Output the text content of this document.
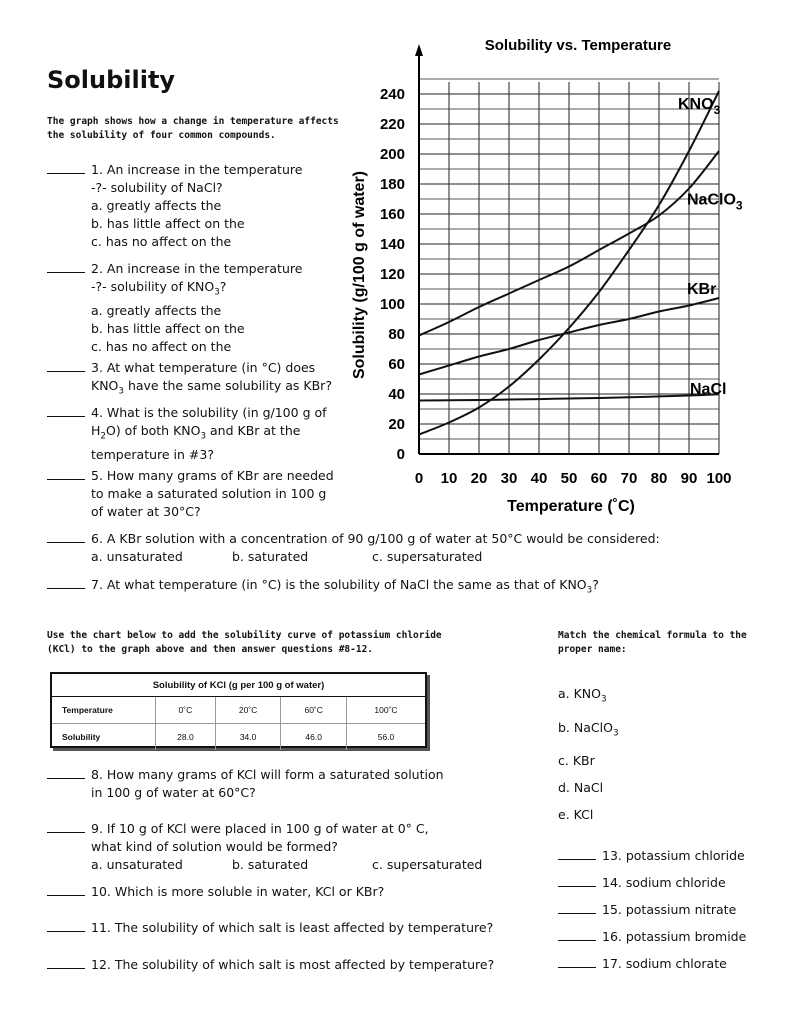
Solubility
The graph shows how a change in temperature affects the solubility of four common compounds.
1. An increase in the temperature
-?- solubility of NaCl?
a. greatly affects the
b. has little affect on the
c. has no affect on the
2. An increase in the temperature
-?- solubility of $KNO_3$?
a. greatly affects the
b. has little affect on the
c. has no affect on the
3. At what temperature (in °C) does
$KNO_3$ have the same solubility as KBr?
4. What is the solubility (in g/100 g of
$H_2O$) of both $KNO_3$ and KBr at the
temperature in #3?
5. How many grams of KBr are needed
to make a saturated solution in 100 g
of water at 30°C?
6. A KBr solution with a concentration of 90 g/100 g of water at 50°C would be considered:
a. unsaturated	b. saturated	c. supersaturated
7. At what temperature (in °C) is the solubility of NaCl the same as that of $KNO_3$?
Use the chart below to add the solubility curve of potassium chloride (KCl) to the graph above and then answer questions #8-12.
Solubility of KCl (g per 100 g of water)				
Temperature	0˚C	20˚C	60˚C	100˚C
Solubility	28.0	34.0	46.0	56.0
8. How many grams of KCl will form a saturated solution
in 100 g of water at 60°C?
9. If 10 g of KCl were placed in 100 g of water at 0° C,
what kind of solution would be formed?
a. unsaturated	b. saturated	c. supersaturated
10. Which is more soluble in water, KCl or KBr?
11. The solubility of which salt is least affected by temperature?
12. The solubility of which salt is most affected by temperature?
Match the chemical formula to the proper name:
a. $KNO_3$
b. NaClO$_3$
c. KBr
d. NaCl
e. KCl
13. potassium chloride
14. sodium chloride
15. potassium nitrate
16. potassium bromide
17. sodium chlorate
0 10 20 30 40 50 60 70 80 90 100
0
20
40
60
80
100
120
140
160
180
200
220
240
$KNO_3$
NaClO$_3$
KBr
NaCl
Solubility vs. Temperature
Temperature (˚C)
Solubility (g/100 g of water)
